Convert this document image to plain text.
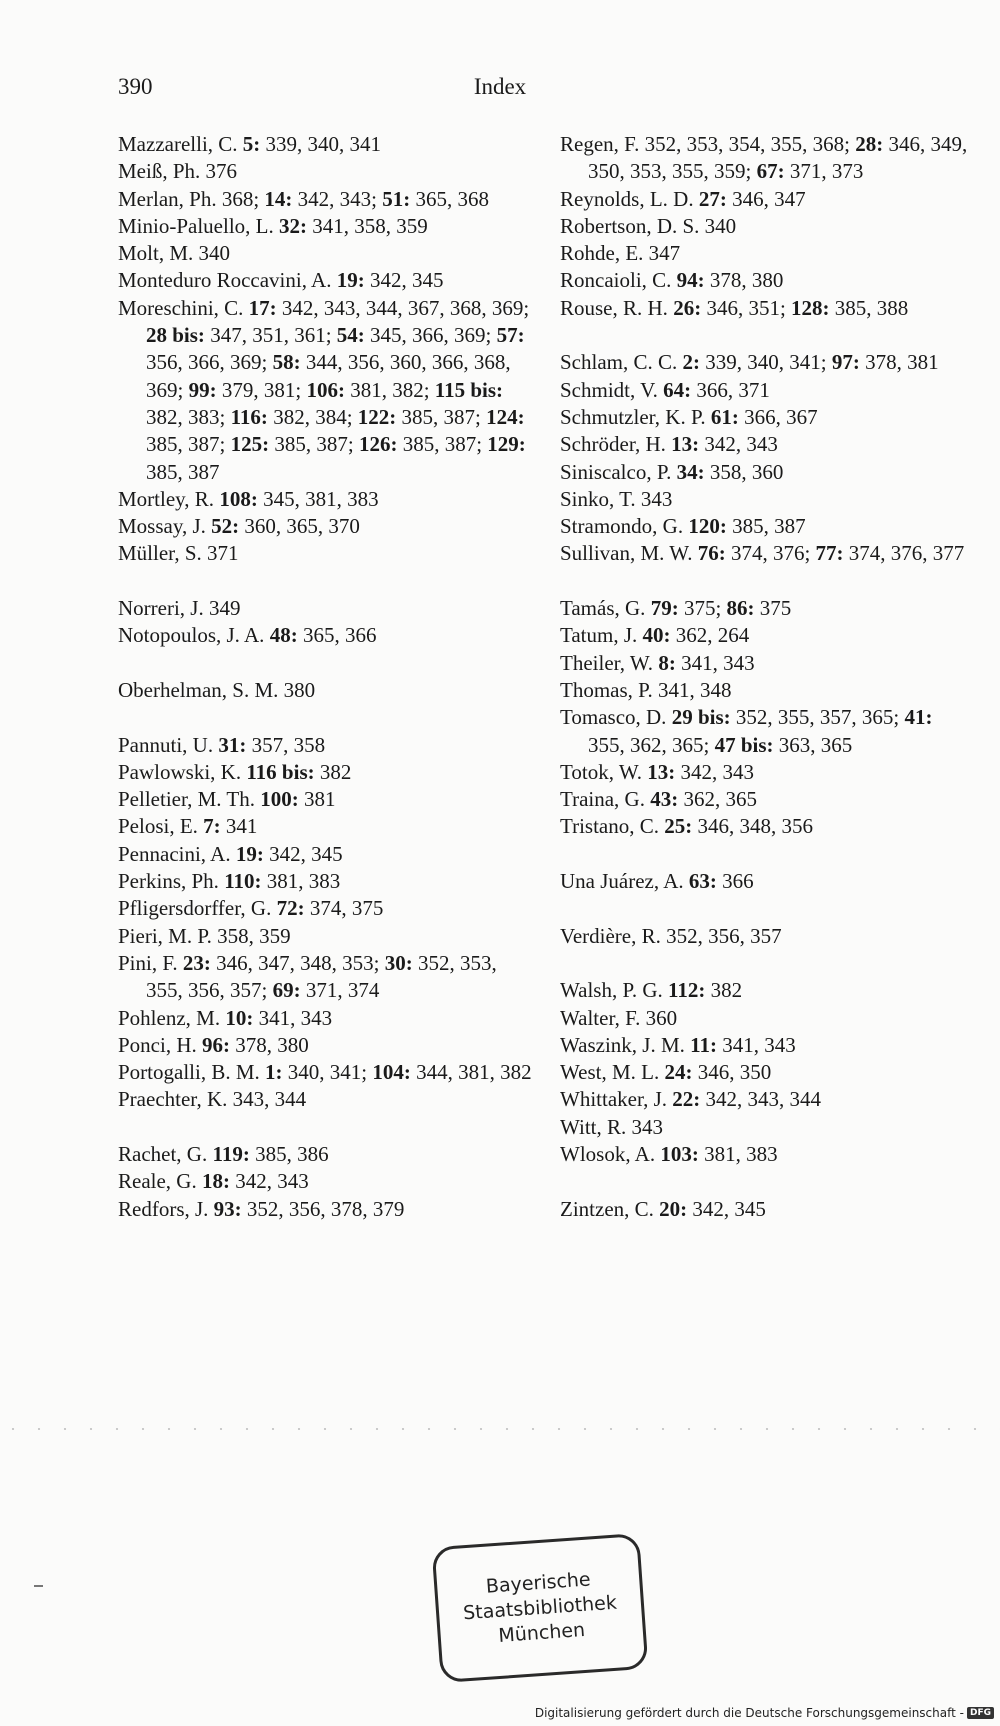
390	Index
Mazzarelli, C. 5: 339, 340, 341
Meiß, Ph. 376
Merlan, Ph. 368; 14: 342, 343; 51: 365, 368
Minio-Paluello, L. 32: 341, 358, 359
Molt, M. 340
Monteduro Roccavini, A. 19: 342, 345
Moreschini, C. 17: 342, 343, 344, 367, 368, 369; 28 bis: 347, 351, 361; 54: 345, 366, 369; 57: 356, 366, 369; 58: 344, 356, 360, 366, 368, 369; 99: 379, 381; 106: 381, 382; 115 bis: 382, 383; 116: 382, 384; 122: 385, 387; 124: 385, 387; 125: 385, 387; 126: 385, 387; 129: 385, 387
Mortley, R. 108: 345, 381, 383
Mossay, J. 52: 360, 365, 370
Müller, S. 371
Norreri, J. 349
Notopoulos, J. A. 48: 365, 366
Oberhelman, S. M. 380
Pannuti, U. 31: 357, 358
Pawlowski, K. 116 bis: 382
Pelletier, M. Th. 100: 381
Pelosi, E. 7: 341
Pennacini, A. 19: 342, 345
Perkins, Ph. 110: 381, 383
Pfligersdorffer, G. 72: 374, 375
Pieri, M. P. 358, 359
Pini, F. 23: 346, 347, 348, 353; 30: 352, 353, 355, 356, 357; 69: 371, 374
Pohlenz, M. 10: 341, 343
Ponci, H. 96: 378, 380
Portogalli, B. M. 1: 340, 341; 104: 344, 381, 382
Praechter, K. 343, 344
Rachet, G. 119: 385, 386
Reale, G. 18: 342, 343
Redfors, J. 93: 352, 356, 378, 379
Regen, F. 352, 353, 354, 355, 368; 28: 346, 349, 350, 353, 355, 359; 67: 371, 373
Reynolds, L. D. 27: 346, 347
Robertson, D. S. 340
Rohde, E. 347
Roncaioli, C. 94: 378, 380
Rouse, R. H. 26: 346, 351; 128: 385, 388
Schlam, C. C. 2: 339, 340, 341; 97: 378, 381
Schmidt, V. 64: 366, 371
Schmutzler, K. P. 61: 366, 367
Schröder, H. 13: 342, 343
Siniscalco, P. 34: 358, 360
Sinko, T. 343
Stramondo, G. 120: 385, 387
Sullivan, M. W. 76: 374, 376; 77: 374, 376, 377
Tamás, G. 79: 375; 86: 375
Tatum, J. 40: 362, 264
Theiler, W. 8: 341, 343
Thomas, P. 341, 348
Tomasco, D. 29 bis: 352, 355, 357, 365; 41: 355, 362, 365; 47 bis: 363, 365
Totok, W. 13: 342, 343
Traina, G. 43: 362, 365
Tristano, C. 25: 346, 348, 356
Una Juárez, A. 63: 366
Verdière, R. 352, 356, 357
Walsh, P. G. 112: 382
Walter, F. 360
Waszink, J. M. 11: 341, 343
West, M. L. 24: 346, 350
Whittaker, J. 22: 342, 343, 344
Witt, R. 343
Wlosok, A. 103: 381, 383
Zintzen, C. 20: 342, 345
Bayerische
Staatsbibliothek
München
Digitalisierung gefördert durch die Deutsche Forschungsgemeinschaft - DFG
